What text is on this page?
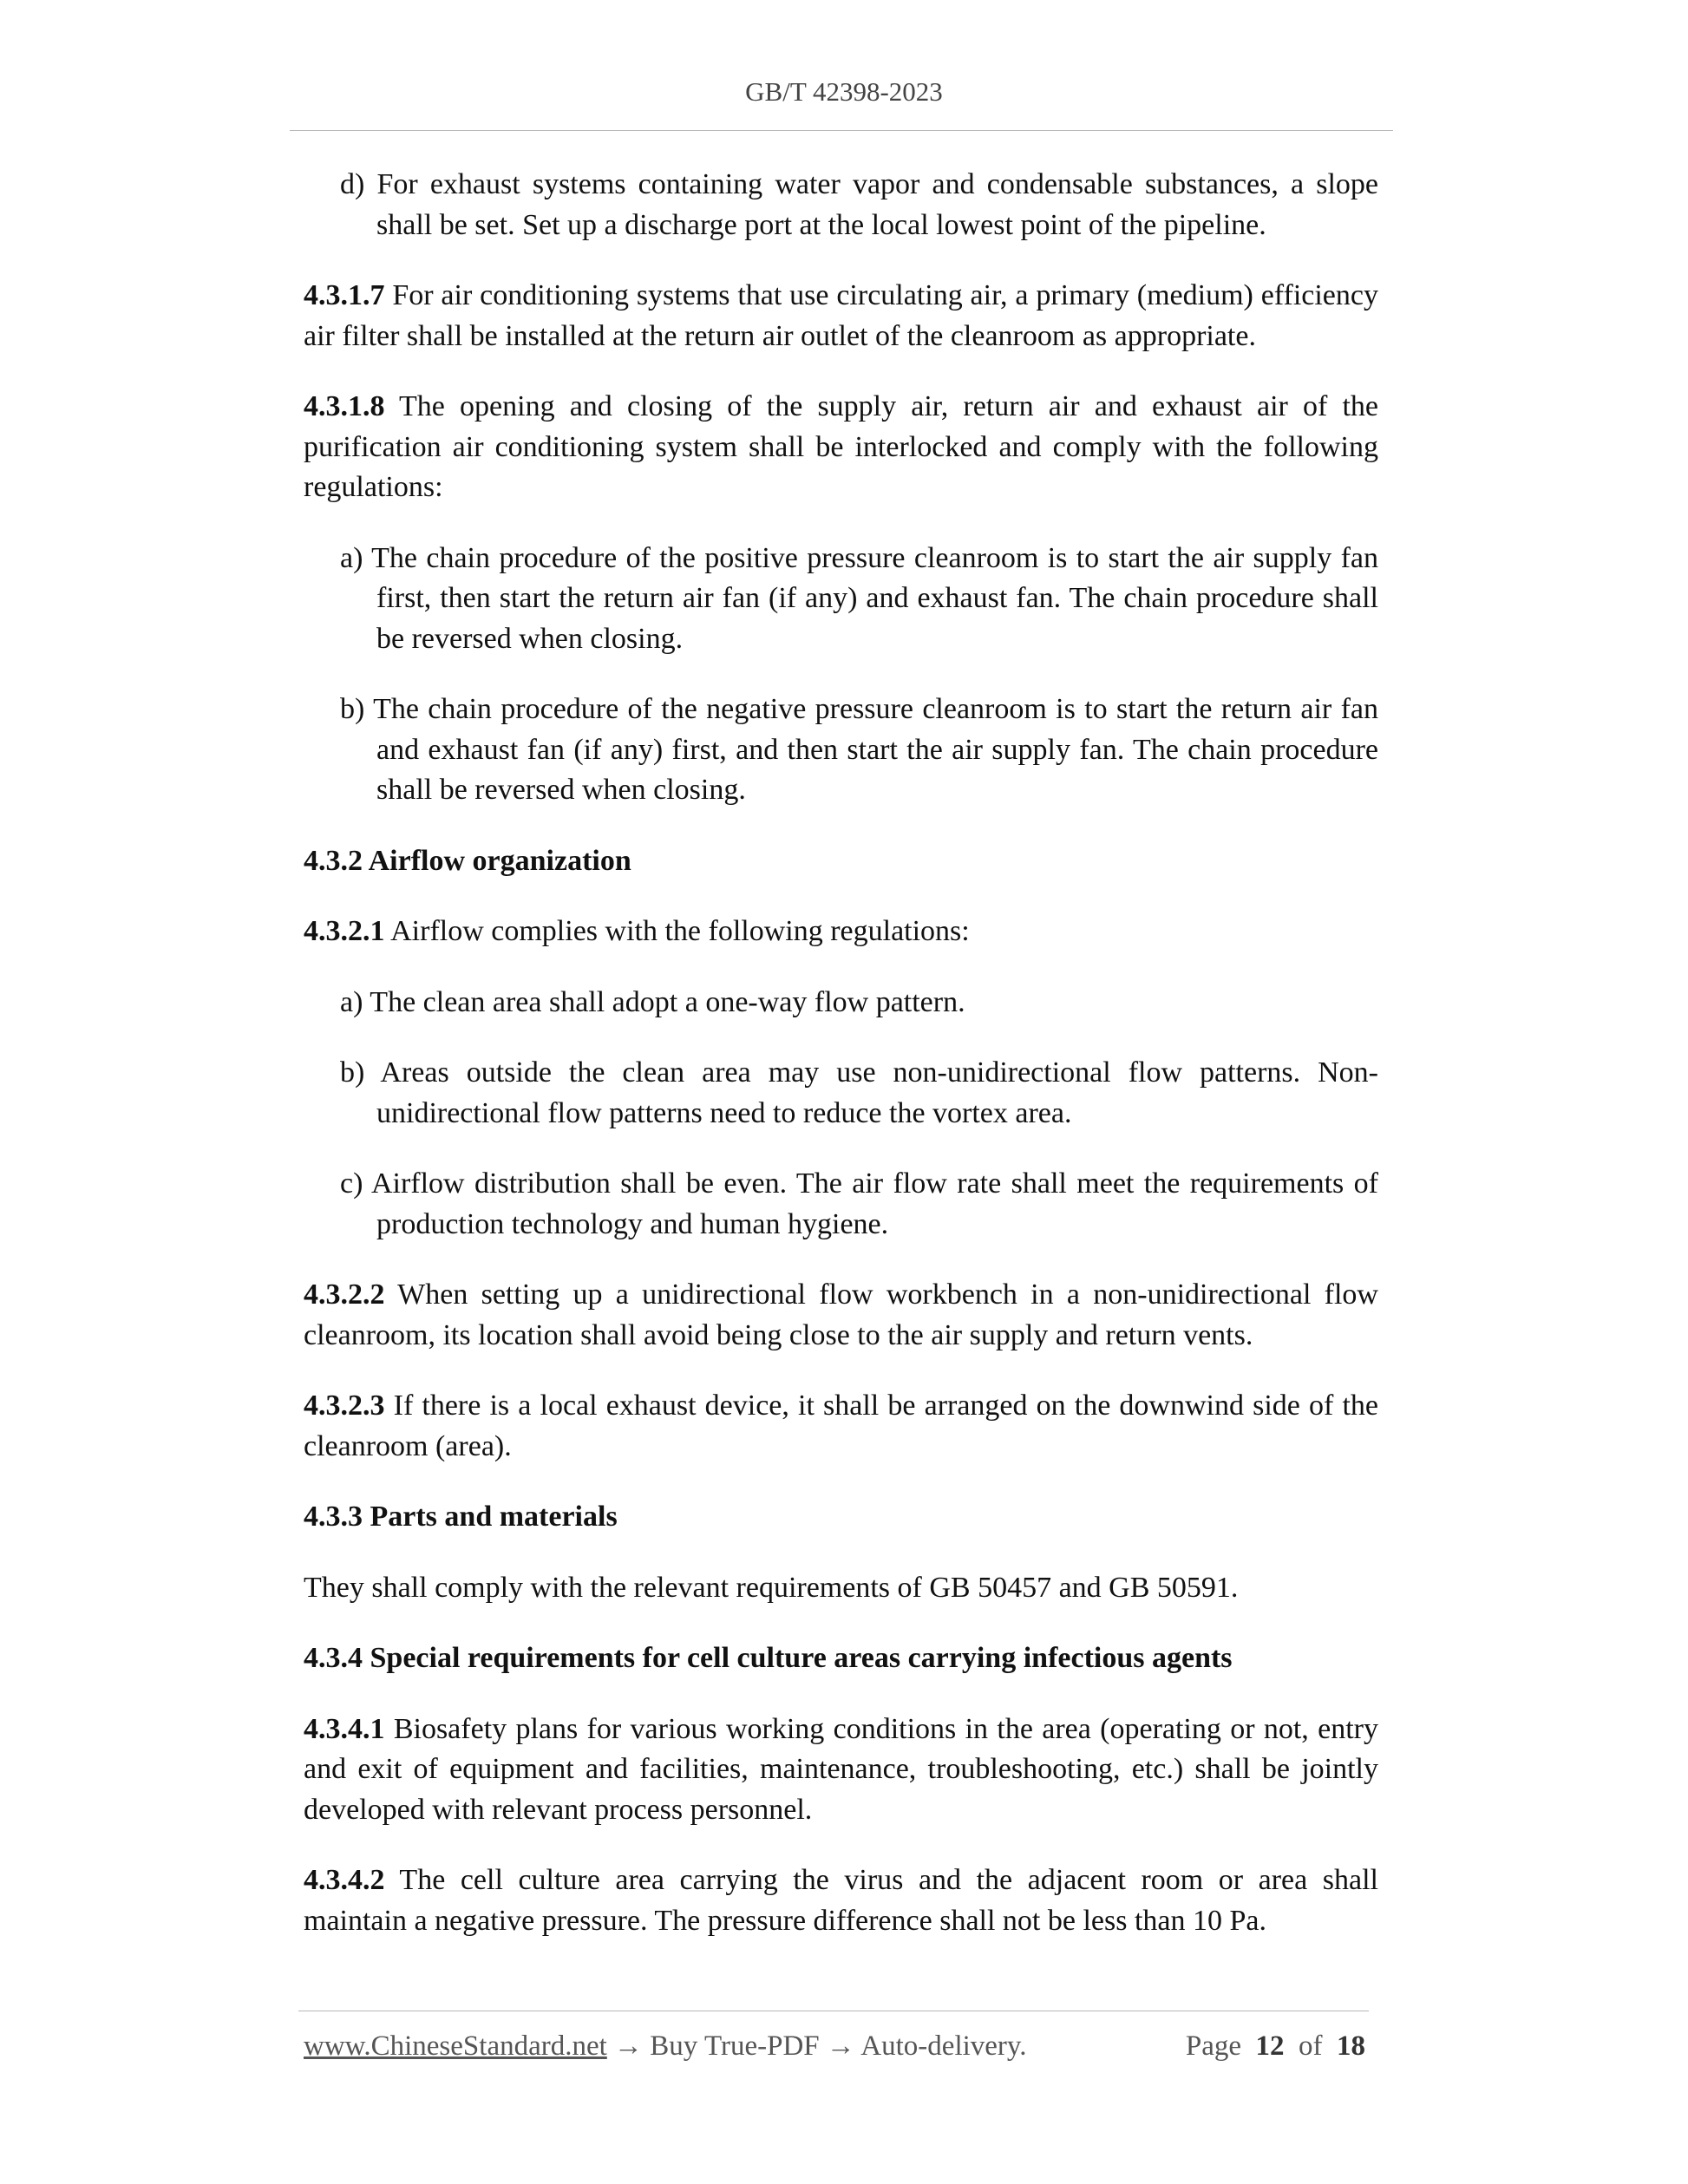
GB/T 42398-2023

d) For exhaust systems containing water vapor and condensable substances, a slope shall be set. Set up a discharge port at the local lowest point of the pipeline.

4.3.1.7 For air conditioning systems that use circulating air, a primary (medium) efficiency air filter shall be installed at the return air outlet of the cleanroom as appropriate.

4.3.1.8 The opening and closing of the supply air, return air and exhaust air of the purification air conditioning system shall be interlocked and comply with the following regulations:

a) The chain procedure of the positive pressure cleanroom is to start the air supply fan first, then start the return air fan (if any) and exhaust fan. The chain procedure shall be reversed when closing.

b) The chain procedure of the negative pressure cleanroom is to start the return air fan and exhaust fan (if any) first, and then start the air supply fan. The chain procedure shall be reversed when closing.

4.3.2 Airflow organization

4.3.2.1 Airflow complies with the following regulations:

a) The clean area shall adopt a one-way flow pattern.

b) Areas outside the clean area may use non-unidirectional flow patterns. Non-unidirectional flow patterns need to reduce the vortex area.

c) Airflow distribution shall be even. The air flow rate shall meet the requirements of production technology and human hygiene.

4.3.2.2 When setting up a unidirectional flow workbench in a non-unidirectional flow cleanroom, its location shall avoid being close to the air supply and return vents.

4.3.2.3 If there is a local exhaust device, it shall be arranged on the downwind side of the cleanroom (area).

4.3.3 Parts and materials

They shall comply with the relevant requirements of GB 50457 and GB 50591.

4.3.4 Special requirements for cell culture areas carrying infectious agents

4.3.4.1 Biosafety plans for various working conditions in the area (operating or not, entry and exit of equipment and facilities, maintenance, troubleshooting, etc.) shall be jointly developed with relevant process personnel.

4.3.4.2 The cell culture area carrying the virus and the adjacent room or area shall maintain a negative pressure. The pressure difference shall not be less than 10 Pa.

www.ChineseStandard.net → Buy True-PDF → Auto-delivery.	Page 12 of 18
